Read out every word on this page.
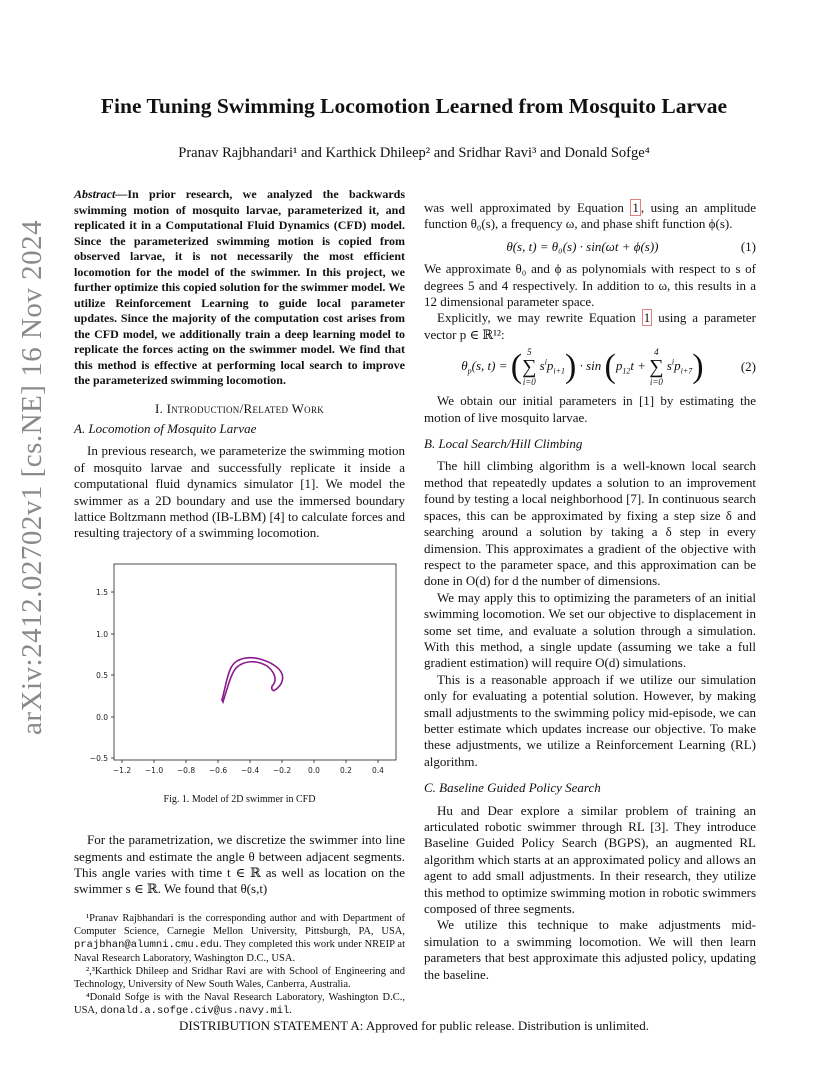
arXiv:2412.02702v1 [cs.NE] 16 Nov 2024
Fine Tuning Swimming Locomotion Learned from Mosquito Larvae
Pranav Rajbhandari¹ and Karthick Dhileep² and Sridhar Ravi³ and Donald Sofge⁴

Abstract—In prior research, we analyzed the backwards swimming motion of mosquito larvae, parameterized it, and replicated it in a Computational Fluid Dynamics (CFD) model. Since the parameterized swimming motion is copied from observed larvae, it is not necessarily the most efficient locomotion for the model of the swimmer. In this project, we further optimize this copied solution for the swimmer model. We utilize Reinforcement Learning to guide local parameter updates. Since the majority of the computation cost arises from the CFD model, we additionally train a deep learning model to replicate the forces acting on the swimmer model. We find that this method is effective at performing local search to improve the parameterized swimming locomotion.

I. Introduction/Related Work
A. Locomotion of Mosquito Larvae

In previous research, we parameterize the swimming motion of mosquito larvae and successfully replicate it inside a computational fluid dynamics simulator [1]. We model the swimmer as a 2D boundary and use the immersed boundary lattice Boltzmann method (IB-LBM) [4] to calculate forces and resulting trajectory of a swimming locomotion.

1.5
1.0
0.5
0.0
−0.5
−1.2 −1.0 −0.8 −0.6 −0.4 −0.2 0.0	0.2	0.4
Fig. 1. Model of 2D swimmer in CFD

For the parametrization, we discretize the swimmer into line segments and estimate the angle θ between adjacent segments. This angle varies with time t ∈ ℝ as well as location on the swimmer s ∈ ℝ. We found that θ(s,t)

¹Pranav Rajbhandari is the corresponding author and with Department of Computer Science, Carnegie Mellon University, Pittsburgh, PA, USA, prajbhan@alumni.cmu.edu. They completed this work under NREIP at Naval Research Laboratory, Washington D.C., USA.

²,³Karthick Dhileep and Sridhar Ravi are with School of Engineering and Technology, University of New South Wales, Canberra, Australia.

⁴Donald Sofge is with the Naval Research Laboratory, Washington D.C., USA, donald.a.sofge.civ@us.navy.mil.

was well approximated by Equation 1 , using an amplitude function θ₀(s), a frequency ω, and phase shift function ϕ(s).

θ(s, t) = θ₀(s) · sin(ωt + ϕ(s))	(1)

We approximate θ₀ and ϕ as polynomials with respect to s of degrees 5 and 4 respectively. In addition to ω, this results in a 12 dimensional parameter space.

Explicitly, we may rewrite Equation 1 using a parameter vector p ∈ ℝ¹²:

$\theta_p(s$, t) = ( 5
∑
i=0
$s^ip_{i+1}) \cdot \sin (p_{12}t$ +
4
∑
i=0
$s^ip_{i+7}$)	(2)

We obtain our initial parameters in [1] by estimating the motion of live mosquito larvae.

B. Local Search/Hill Climbing

The hill climbing algorithm is a well-known local search method that repeatedly updates a solution to an improvement found by testing a local neighborhood [7]. In continuous search spaces, this can be approximated by fixing a step size δ and searching around a solution by taking a δ step in every dimension. This approximates a gradient of the objective with respect to the parameter space, and this approximation can be done in O(d) for d the number of dimensions.

We may apply this to optimizing the parameters of an initial swimming locomotion. We set our objective to displacement in some set time, and evaluate a solution through a simulation. With this method, a single update (assuming we take a full gradient estimation) will require O(d) simulations.

This is a reasonable approach if we utilize our simulation only for evaluating a potential solution. However, by making small adjustments to the swimming policy mid-episode, we can better estimate which updates increase our objective. To make these adjustments, we utilize a Reinforcement Learning (RL) algorithm.

C. Baseline Guided Policy Search

Hu and Dear explore a similar problem of training an articulated robotic swimmer through RL [3]. They introduce Baseline Guided Policy Search (BGPS), an augmented RL algorithm which starts at an approximated policy and allows an agent to add small adjustments. In their research, they utilize this method to optimize swimming motion in robotic swimmers composed of three segments.

We utilize this technique to make adjustments mid-simulation to a swimming locomotion. We will then learn parameters that best approximate this adjusted policy, updating the baseline.

DISTRIBUTION STATEMENT A: Approved for public release. Distribution is unlimited.
